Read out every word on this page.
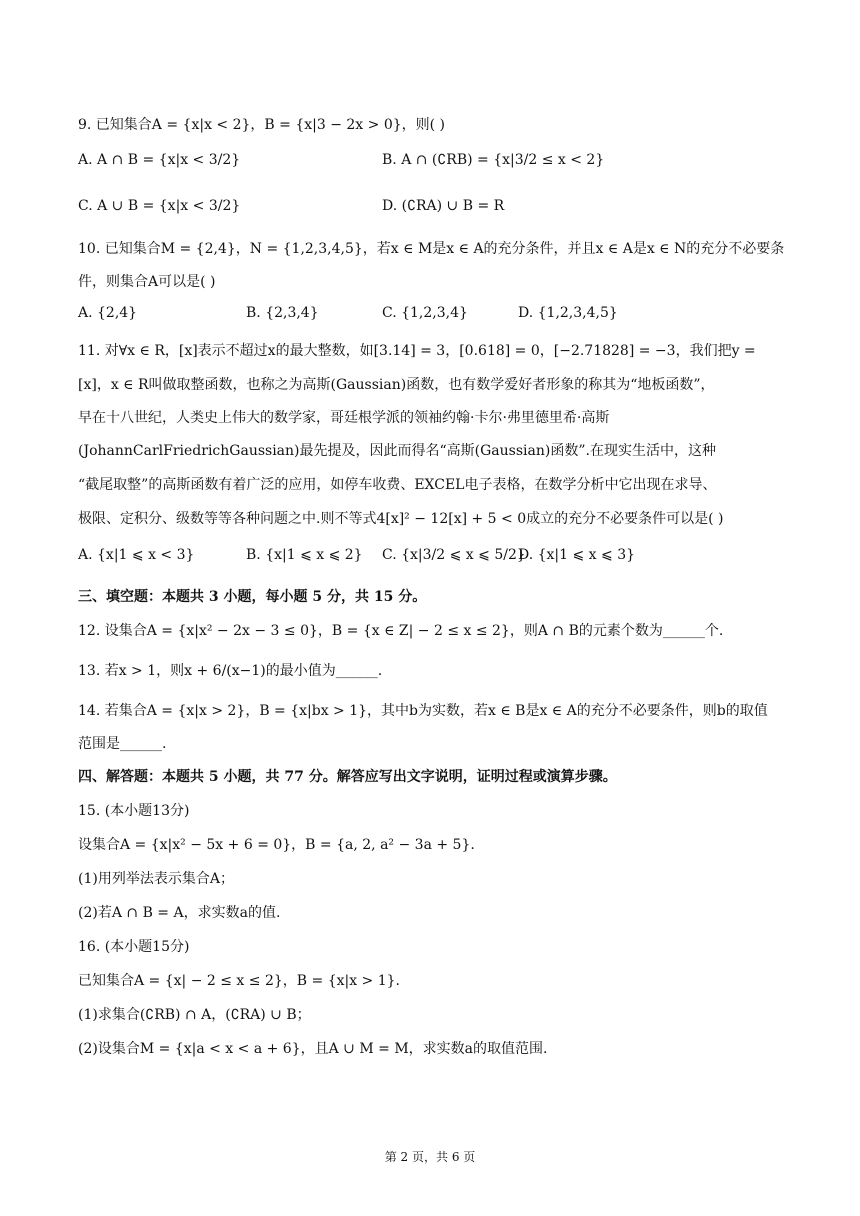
9. 已知集合A = {x|x < 2}，B = {x|3 − 2x > 0}，则( )
A. A ∩ B = {x|x < 3/2}	B. A ∩ (∁RB) = {x|3/2 ≤ x < 2}
C. A ∪ B = {x|x < 3/2}	D. (∁RA) ∪ B = R
10. 已知集合M = {2,4}，N = {1,2,3,4,5}，若x ∈ M是x ∈ A的充分条件，并且x ∈ A是x ∈ N的充分不必要条
件，则集合A可以是( )
A. {2,4}	B. {2,3,4}	C. {1,2,3,4}	D. {1,2,3,4,5}
11. 对∀x ∈ R，[x]表示不超过x的最大整数，如[3.14] = 3，[0.618] = 0，[−2.71828] = −3，我们把y =
[x]，x ∈ R叫做取整函数，也称之为高斯(Gaussian)函数，也有数学爱好者形象的称其为“地板函数”，
早在十八世纪，人类史上伟大的数学家，哥廷根学派的领袖约翰·卡尔·弗里德里希·高斯
(JohannCarlFriedrichGaussian)最先提及，因此而得名“高斯(Gaussian)函数”.在现实生活中，这种
“截尾取整”的高斯函数有着广泛的应用，如停车收费、EXCEL电子表格，在数学分析中它出现在求导、
极限、定积分、级数等等各种问题之中.则不等式4[x]² − 12[x] + 5 < 0成立的充分不必要条件可以是( )
A. {x|1 ⩽ x < 3}	B. {x|1 ⩽ x ⩽ 2} C. {x|3/2 ⩽ x ⩽ 5/2}
D. {x|1 ⩽ x ⩽ 3}
三、填空题：本题共 3 小题，每小题 5 分，共 15 分。
12. 设集合A = {x|x² − 2x − 3 ≤ 0}，B = {x ∈ Z| − 2 ≤ x ≤ 2}，则A ∩ B的元素个数为______个.
13. 若x > 1，则x + 6/(x−1)的最小值为______.
14. 若集合A = {x|x > 2}，B = {x|bx > 1}，其中b为实数，若x ∈ B是x ∈ A的充分不必要条件，则b的取值
范围是______.
四、解答题：本题共 5 小题，共 77 分。解答应写出文字说明，证明过程或演算步骤。
15. (本小题13分)
设集合A = {x|x² − 5x + 6 = 0}，B = {a, 2, a² − 3a + 5}.
(1)用列举法表示集合A；
(2)若A ∩ B = A，求实数a的值.
16. (本小题15分)
已知集合A = {x| − 2 ≤ x ≤ 2}，B = {x|x > 1}.
(1)求集合(∁RB) ∩ A，(∁RA) ∪ B；
(2)设集合M = {x|a < x < a + 6}，且A ∪ M = M，求实数a的取值范围.
第 2 页，共 6 页
